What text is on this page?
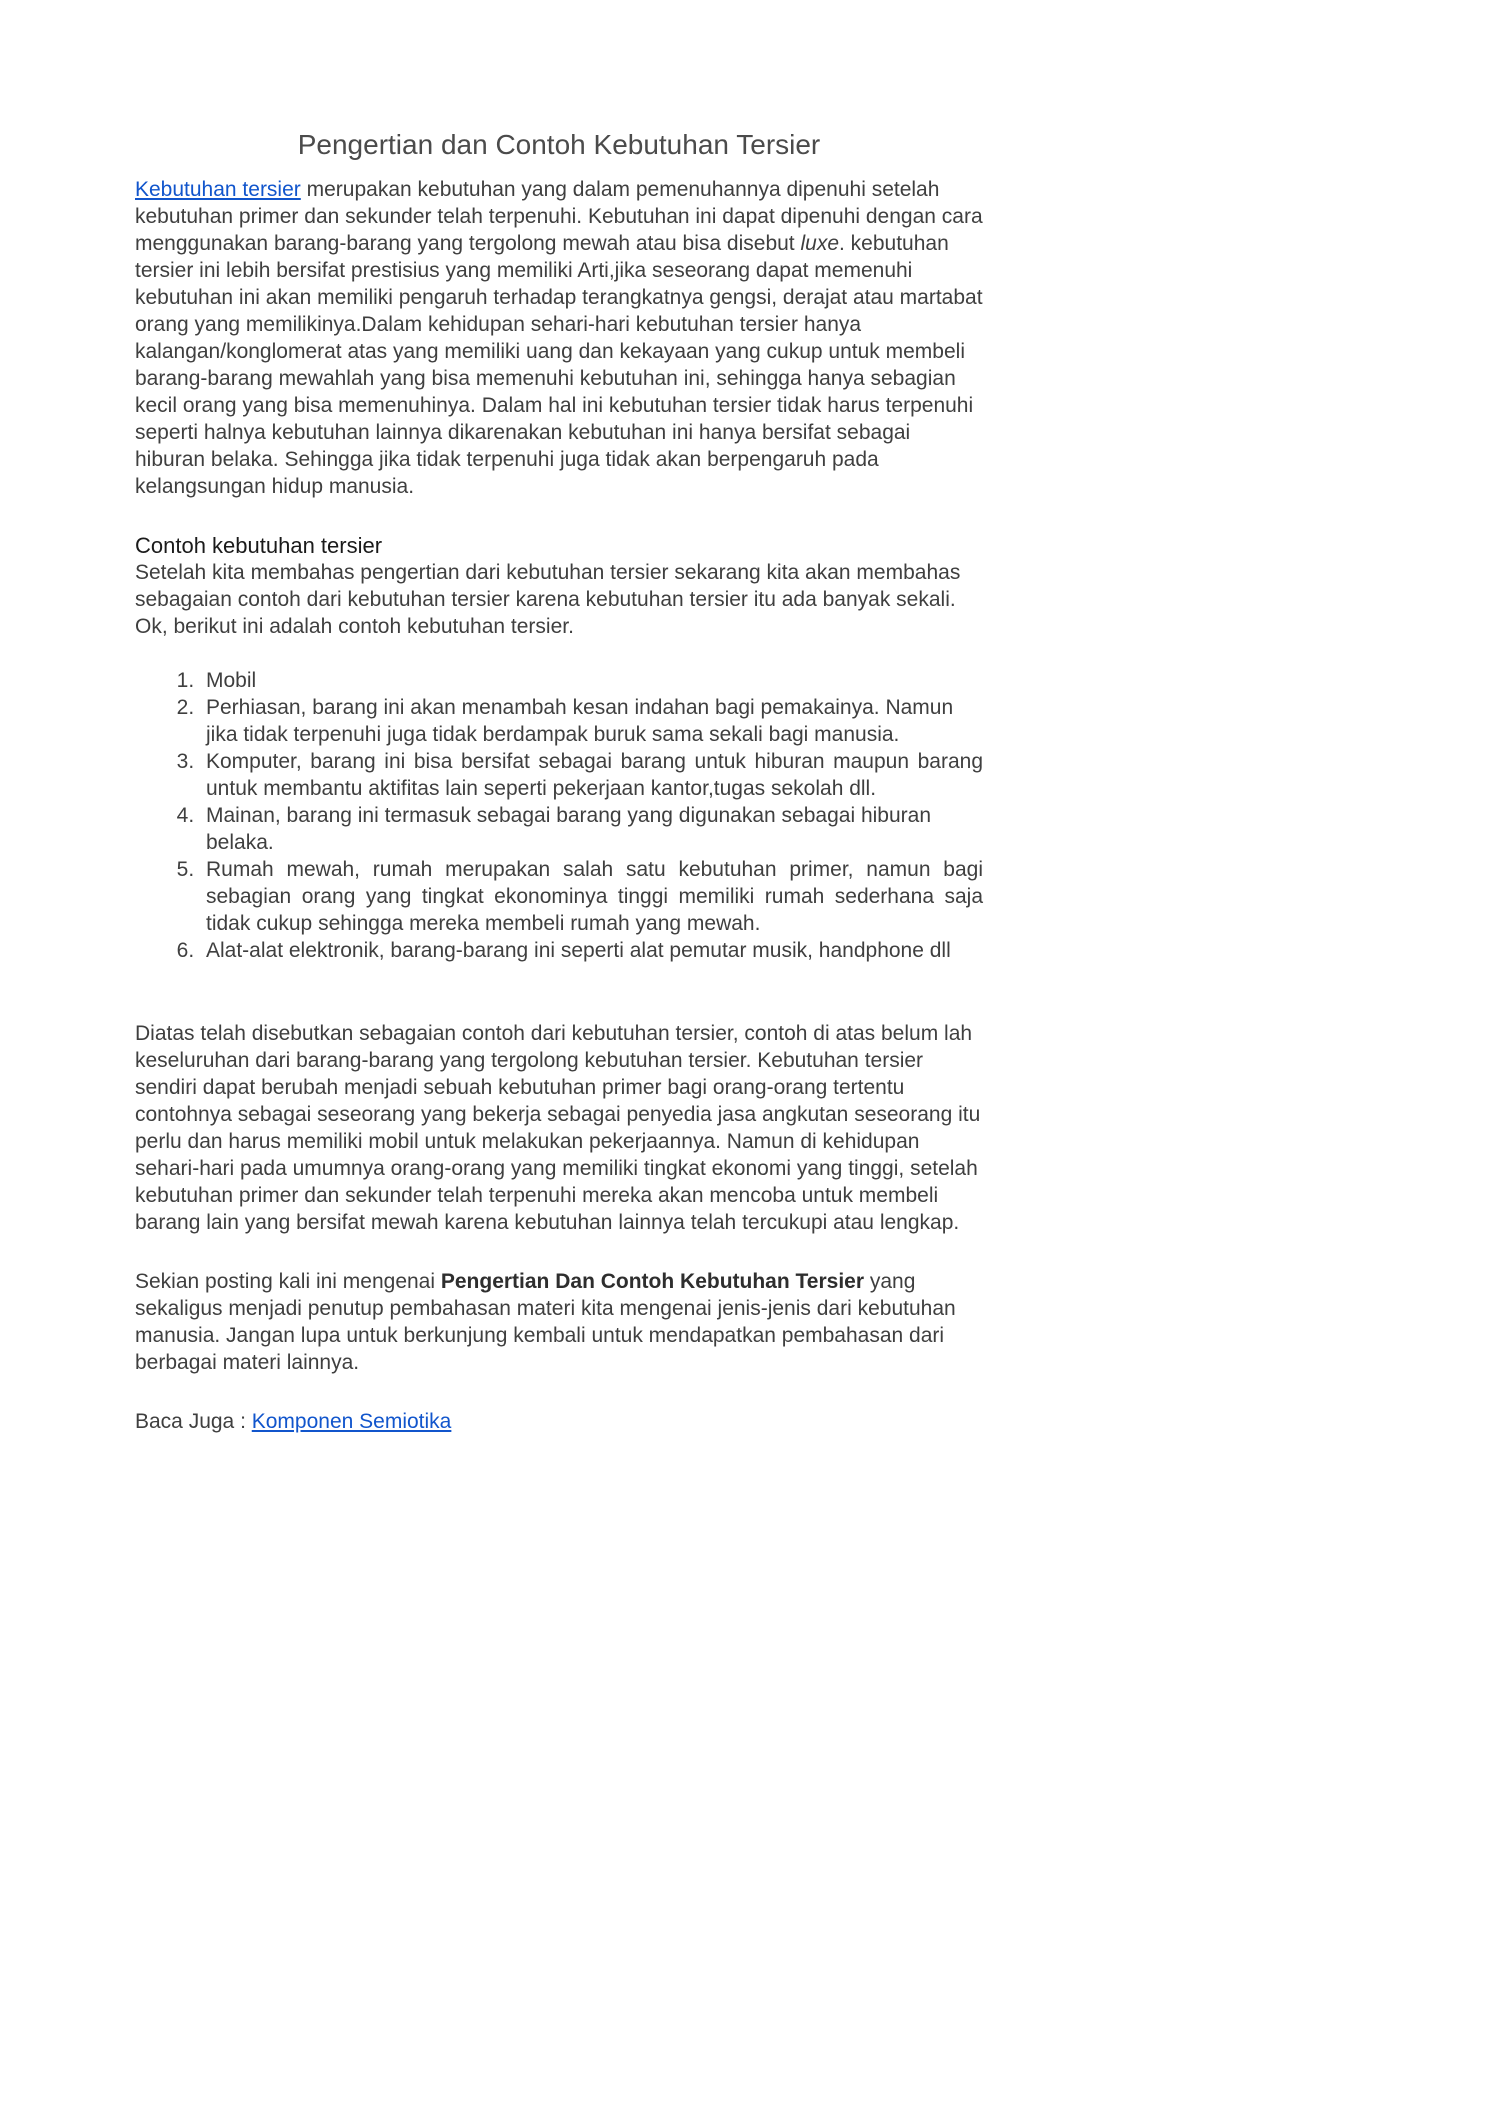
Pengertian dan Contoh Kebutuhan Tersier

Kebutuhan tersier merupakan kebutuhan yang dalam pemenuhannya dipenuhi setelah kebutuhan primer dan sekunder telah terpenuhi. Kebutuhan ini dapat dipenuhi dengan cara menggunakan barang-barang yang tergolong mewah atau bisa disebut luxe. kebutuhan tersier ini lebih bersifat prestisius yang memiliki Arti,jika seseorang dapat memenuhi kebutuhan ini akan memiliki pengaruh terhadap terangkatnya gengsi, derajat atau martabat orang yang memilikinya.Dalam kehidupan sehari-hari kebutuhan tersier hanya kalangan/konglomerat atas yang memiliki uang dan kekayaan yang cukup untuk membeli barang-barang mewahlah yang bisa memenuhi kebutuhan ini, sehingga hanya sebagian kecil orang yang bisa memenuhinya. Dalam hal ini kebutuhan tersier tidak harus terpenuhi seperti halnya kebutuhan lainnya dikarenakan kebutuhan ini hanya bersifat sebagai hiburan belaka. Sehingga jika tidak terpenuhi juga tidak akan berpengaruh pada kelangsungan hidup manusia.

Contoh kebutuhan tersier

Setelah kita membahas pengertian dari kebutuhan tersier sekarang kita akan membahas sebagaian contoh dari kebutuhan tersier karena kebutuhan tersier itu ada banyak sekali. Ok, berikut ini adalah contoh kebutuhan tersier.

1. Mobil
2. Perhiasan, barang ini akan menambah kesan indahan bagi pemakainya. Namun jika tidak terpenuhi juga tidak berdampak buruk sama sekali bagi manusia.
3. Komputer, barang ini bisa bersifat sebagai barang untuk hiburan maupun barang untuk membantu aktifitas lain seperti pekerjaan kantor,tugas sekolah dll.
4. Mainan, barang ini termasuk sebagai barang yang digunakan sebagai hiburan belaka.
5. Rumah mewah, rumah merupakan salah satu kebutuhan primer, namun bagi sebagian orang yang tingkat ekonominya tinggi memiliki rumah sederhana saja tidak cukup sehingga mereka membeli rumah yang mewah.
6. Alat-alat elektronik, barang-barang ini seperti alat pemutar musik, handphone dll

Diatas telah disebutkan sebagaian contoh dari kebutuhan tersier, contoh di atas belum lah keseluruhan dari barang-barang yang tergolong kebutuhan tersier. Kebutuhan tersier sendiri dapat berubah menjadi sebuah kebutuhan primer bagi orang-orang tertentu contohnya sebagai seseorang yang bekerja sebagai penyedia jasa angkutan seseorang itu perlu dan harus memiliki mobil untuk melakukan pekerjaannya. Namun di kehidupan sehari-hari pada umumnya orang-orang yang memiliki tingkat ekonomi yang tinggi, setelah kebutuhan primer dan sekunder telah terpenuhi mereka akan mencoba untuk membeli barang lain yang bersifat mewah karena kebutuhan lainnya telah tercukupi atau lengkap.

Sekian posting kali ini mengenai Pengertian Dan Contoh Kebutuhan Tersier yang sekaligus menjadi penutup pembahasan materi kita mengenai jenis-jenis dari kebutuhan manusia. Jangan lupa untuk berkunjung kembali untuk mendapatkan pembahasan dari berbagai materi lainnya.

Baca Juga : Komponen Semiotika
